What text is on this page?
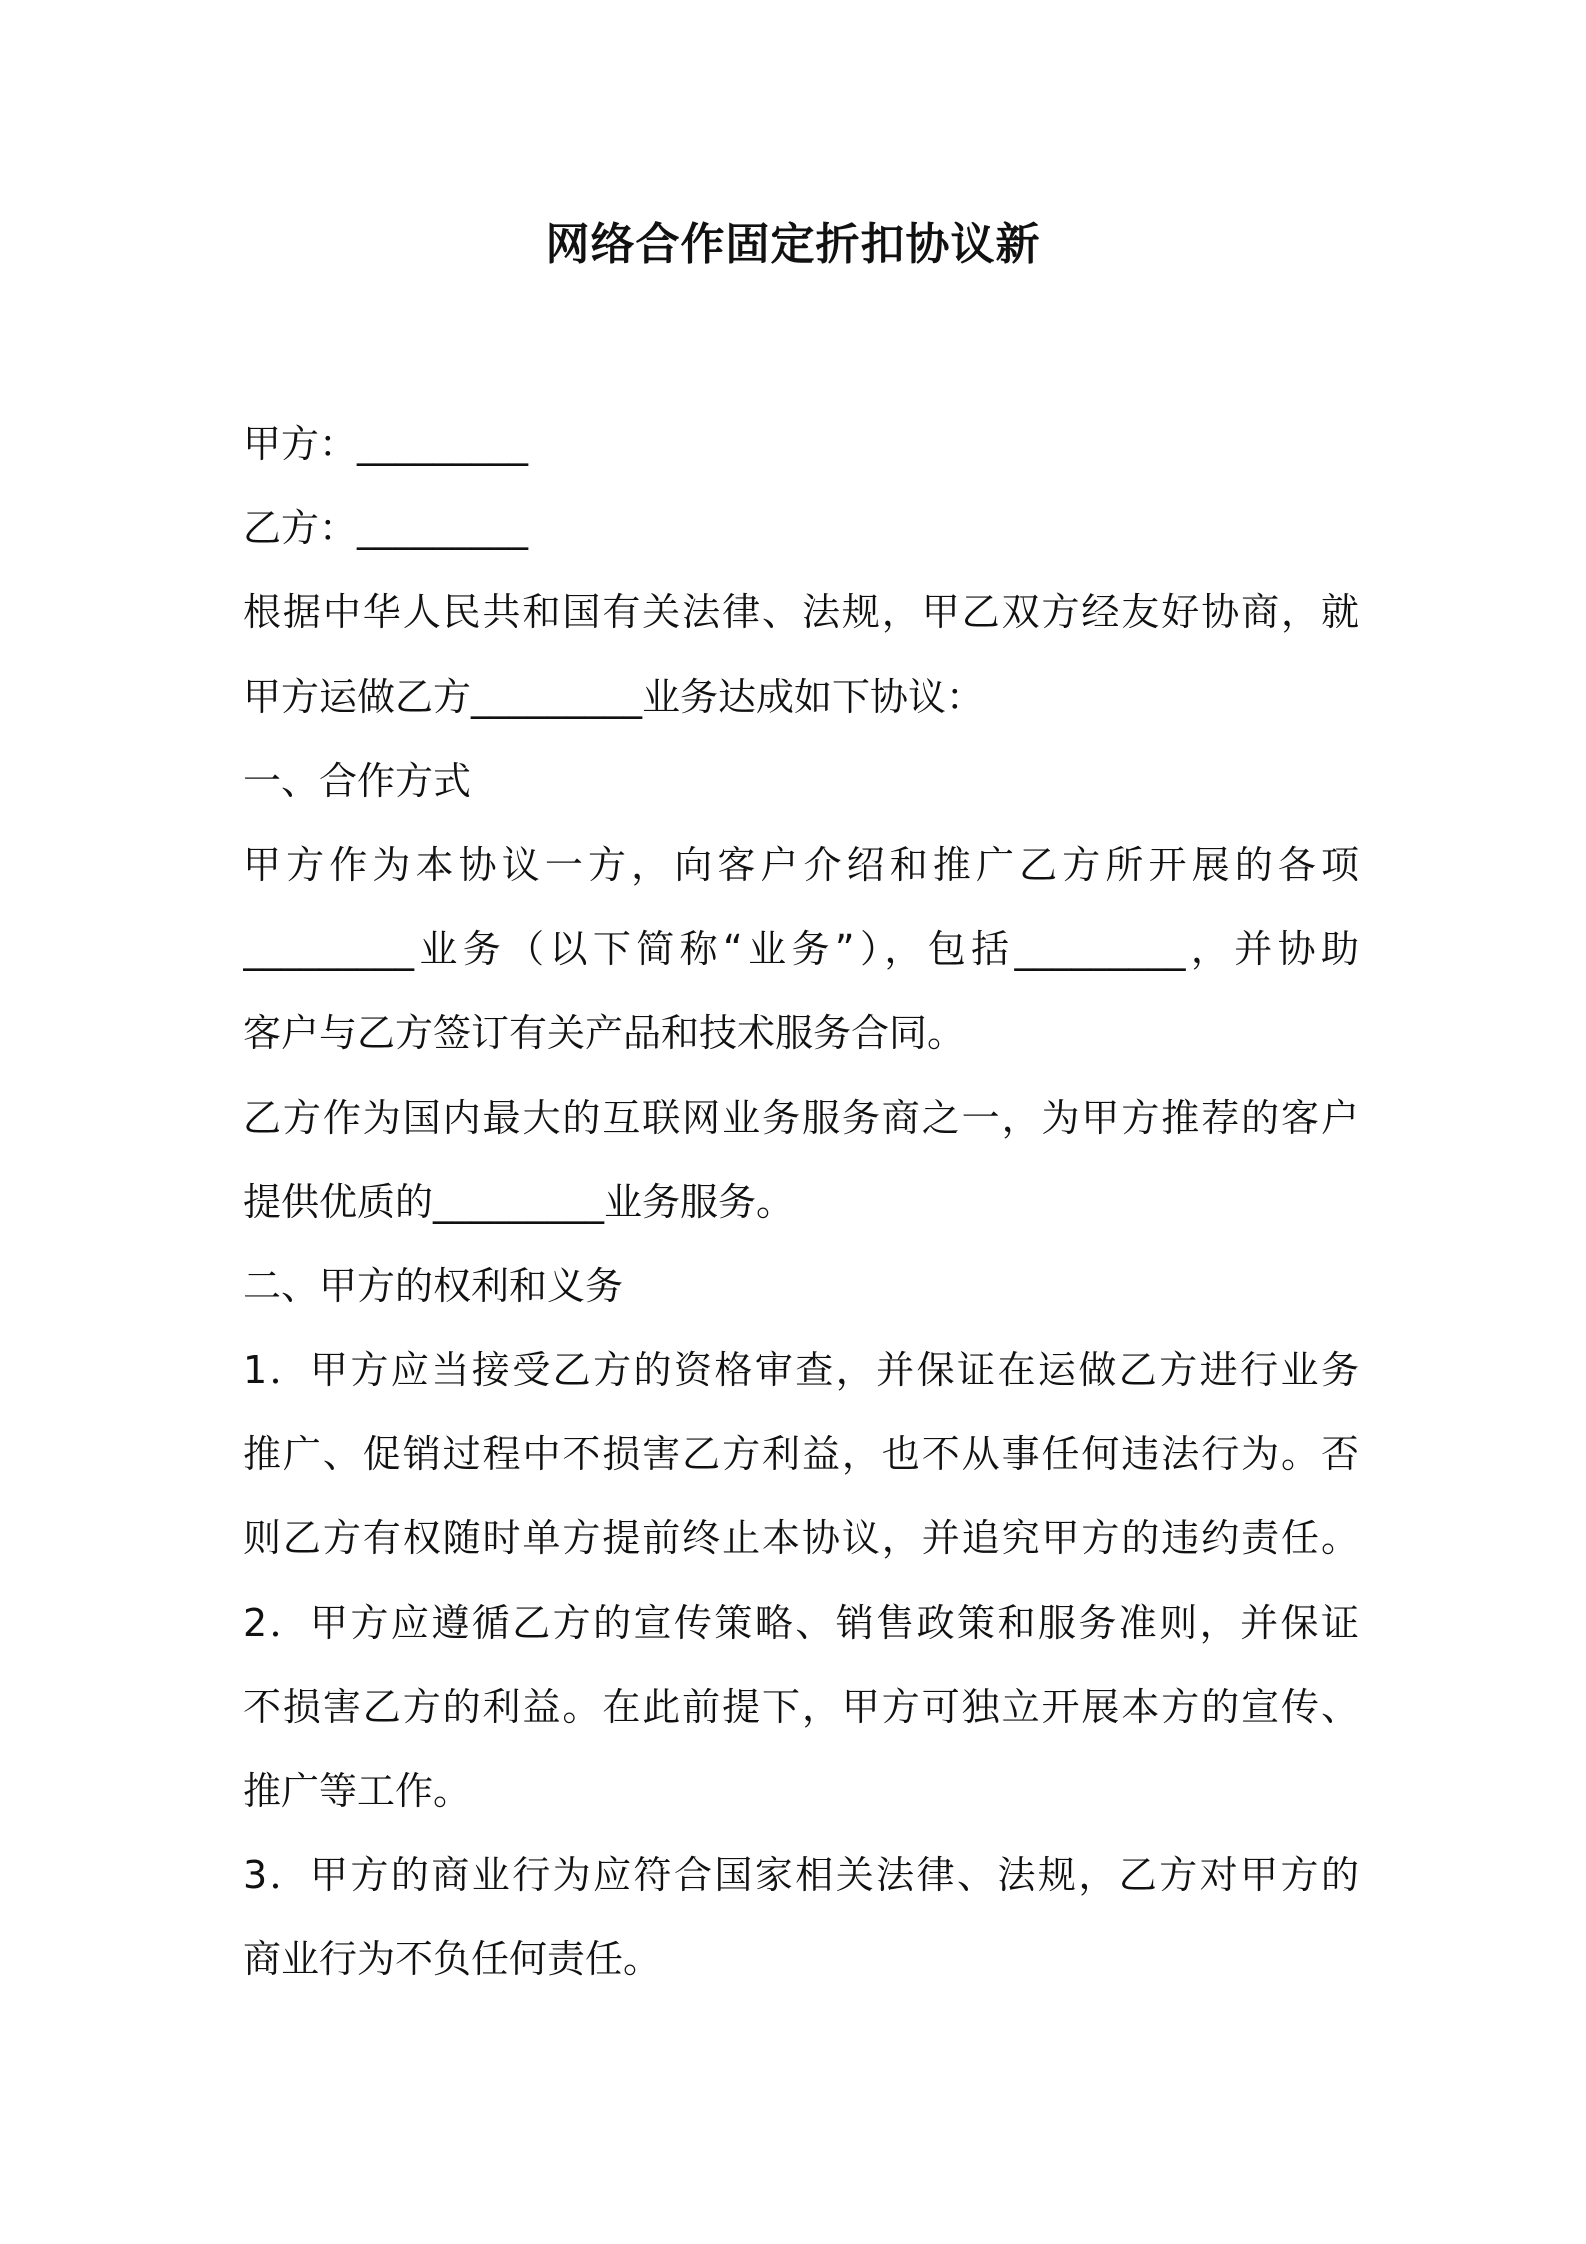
网络合作固定折扣协议新
甲方：_________
乙方：_________
根据中华人民共和国有关法律、法规，甲乙双方经友好协商，就
甲方运做乙方_________业务达成如下协议：
一、合作方式
甲方作为本协议一方，向客户介绍和推广乙方所开展的各项
_________业务（以下简称“业务”），包括_________，并协助
客户与乙方签订有关产品和技术服务合同。
乙方作为国内最大的互联网业务服务商之一，为甲方推荐的客户
提供优质的_________业务服务。
二、甲方的权利和义务
1．甲方应当接受乙方的资格审查，并保证在运做乙方进行业务
推广、促销过程中不损害乙方利益，也不从事任何违法行为。否
则乙方有权随时单方提前终止本协议，并追究甲方的违约责任。
2．甲方应遵循乙方的宣传策略、销售政策和服务准则，并保证
不损害乙方的利益。在此前提下，甲方可独立开展本方的宣传、
推广等工作。
3．甲方的商业行为应符合国家相关法律、法规，乙方对甲方的
商业行为不负任何责任。
